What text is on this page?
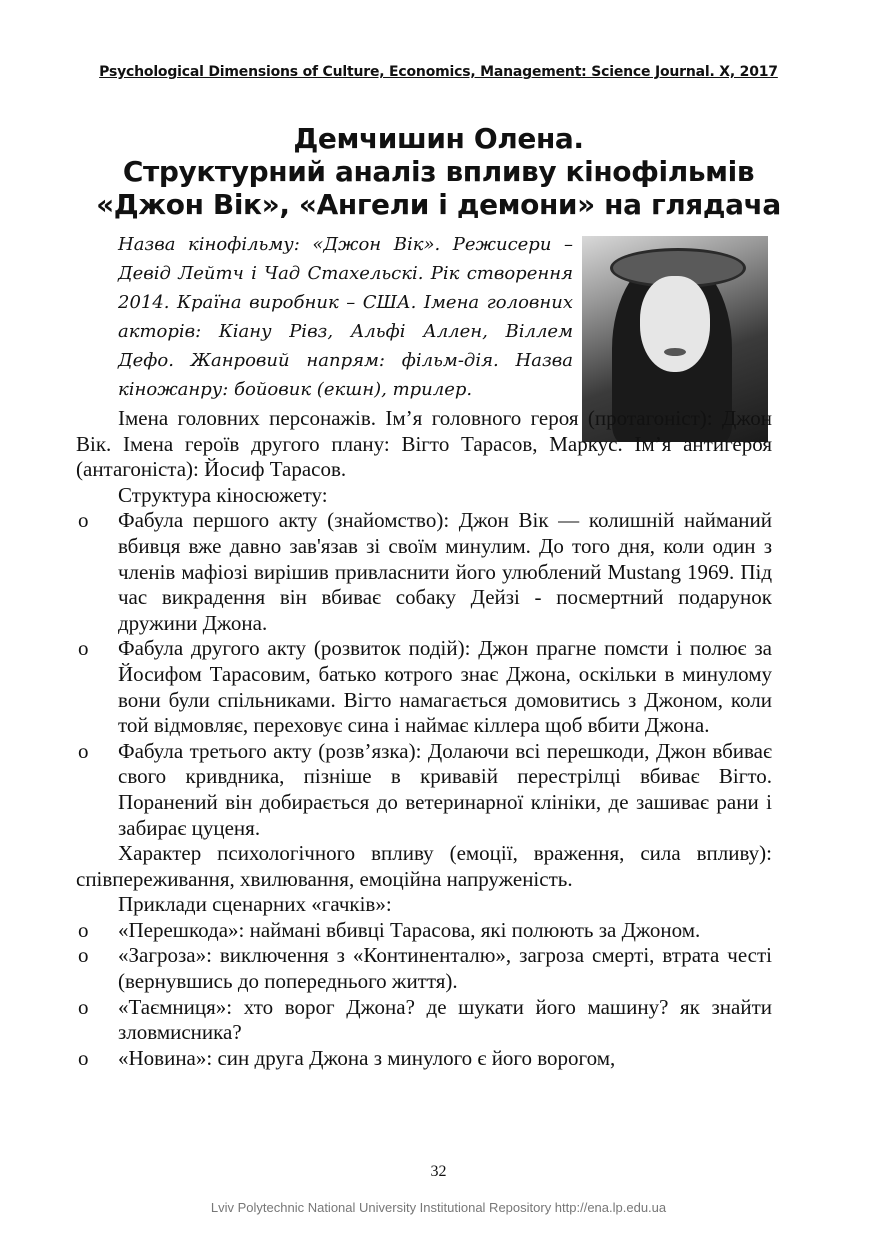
Psychological Dimensions of Culture, Economics, Management: Science Journal. X, 2017
Демчишин Олена.
Структурний аналіз впливу кінофільмів
«Джон Вік», «Ангели і демони» на глядача
Назва кінофільму: «Джон Вік». Режисери – Девід Лейтч і Чад Стахельскі. Рік створення 2014. Країна виробник – США. Імена головних акторів: Кіану Рівз, Альфі Аллен, Віллем Дефо. Жанровий напрям: фільм-дія. Назва кіножанру: бойовик (екшн), трилер.

Імена головних персонажів. Ім’я головного героя (протагоніст): Джон Вік. Імена героїв другого плану: Вігто Тарасов, Маркус. Ім’я антигероя (антагоніста): Йосиф Тарасов.

Структура кіносюжету:

o Фабула першого акту (знайомство): Джон Вік — колишній найманий вбивця вже давно зав'язав зі своїм минулим. До того дня, коли один з членів мафіозі вирішив привласнити його улюблений Mustang 1969. Під час викрадення він вбиває собаку Дейзі - посмертний подарунок дружини Джона.
o Фабула другого акту (розвиток подій): Джон прагне помсти і полює за Йосифом Тарасовим, батько котрого знає Джона, оскільки в минулому вони були спільниками. Вігто намагається домовитись з Джоном, коли той відмовляє, переховує сина і наймає кіллера щоб вбити Джона.
o Фабула третього акту (розв’язка): Долаючи всі перешкоди, Джон вбиває свого кривдника, пізніше в кривавій перестрілці вбиває Вігто. Поранений він добирається до ветеринарної клініки, де зашиває рани і забирає цуценя.

Характер психологічного впливу (емоції, враження, сила впливу): співпереживання, хвилювання, емоційна напруженість.

Приклади сценарних «гачків»:

o «Перешкода»: наймані вбивці Тарасова, які полюють за Джоном.
o «Загроза»: виключення з «Континенталю», загроза смерті, втрата честі (вернувшись до попереднього життя).
o «Таємниця»: хто ворог Джона? де шукати його машину? як знайти зловмисника?
o «Новина»: син друга Джона з минулого є його ворогом,
32
Lviv Polytechnic National University Institutional Repository http://ena.lp.edu.ua
